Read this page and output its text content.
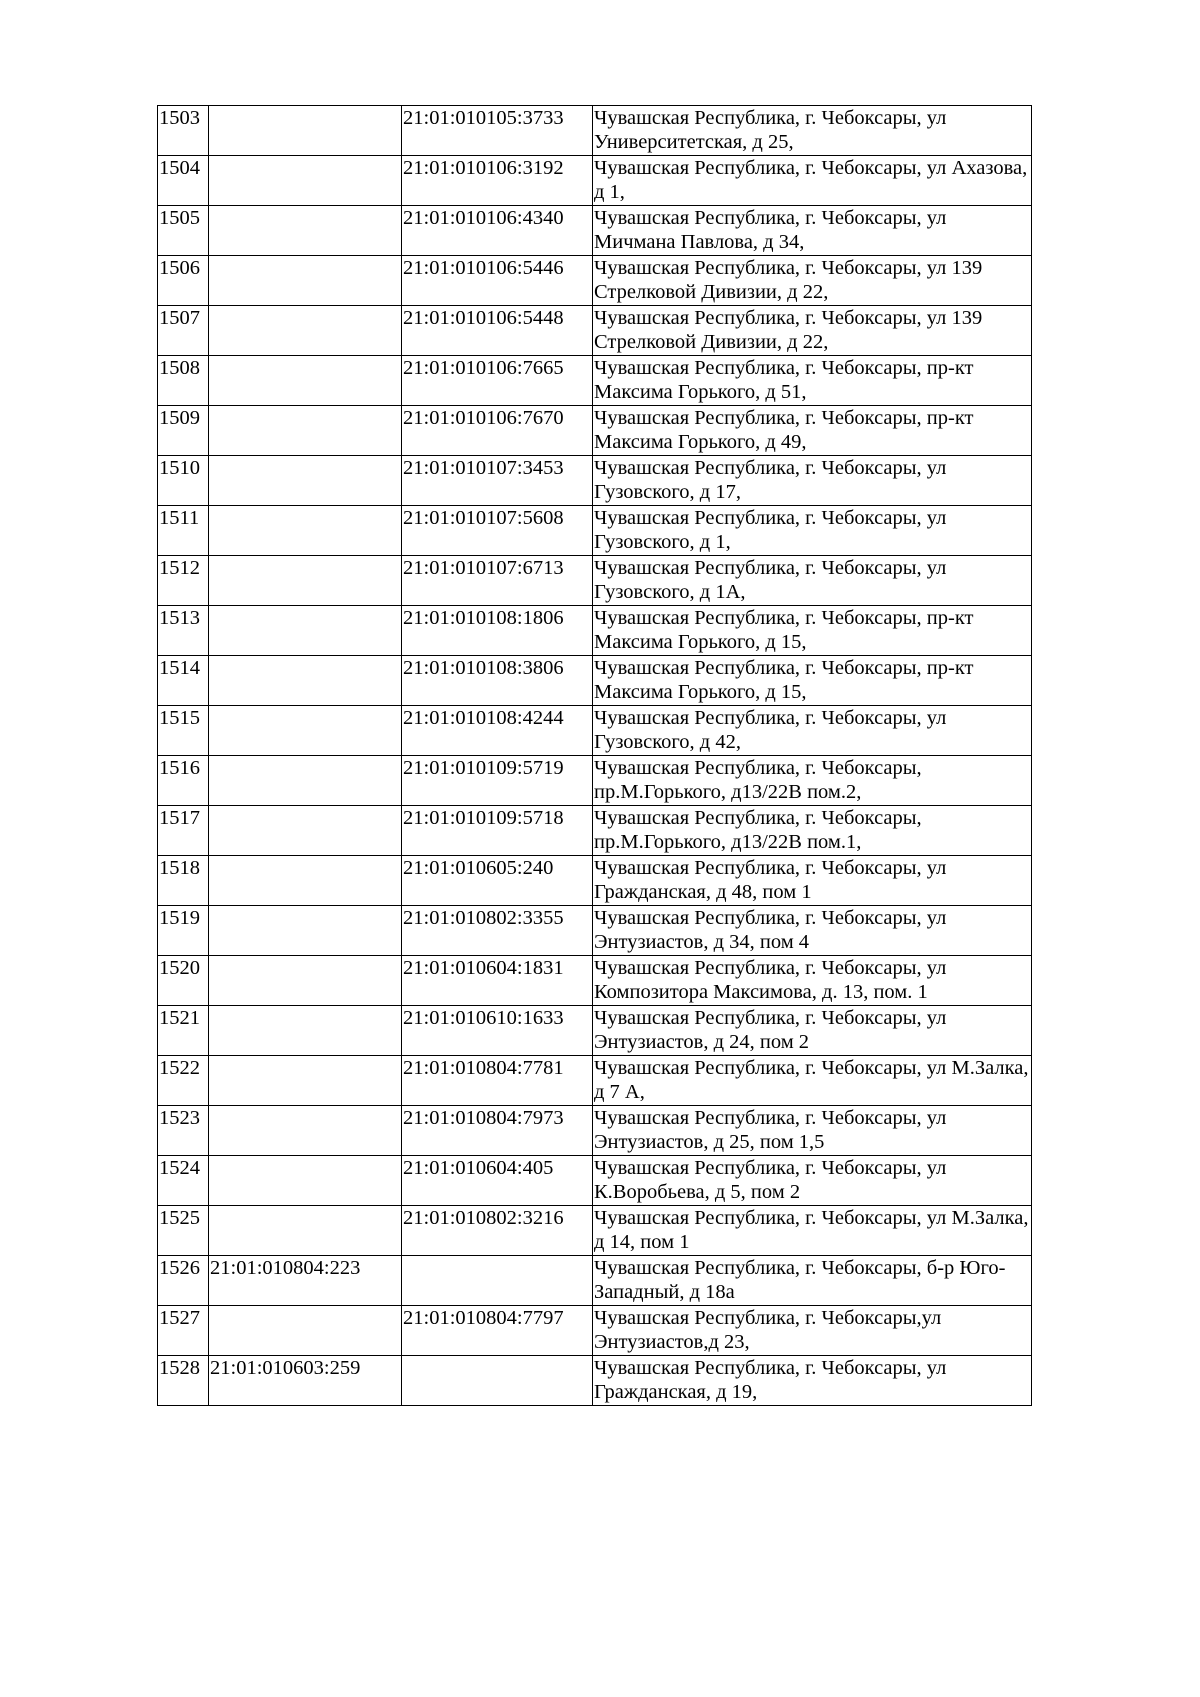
1503		21:01:010105:3733	Чувашская Республика, г. Чебоксары, ул Университетская, д 25,
1504		21:01:010106:3192	Чувашская Республика, г. Чебоксары, ул Ахазова, д 1,
1505		21:01:010106:4340	Чувашская Республика, г. Чебоксары, ул Мичмана Павлова, д 34,
1506		21:01:010106:5446	Чувашская Республика, г. Чебоксары, ул 139 Стрелковой Дивизии, д 22,
1507		21:01:010106:5448	Чувашская Республика, г. Чебоксары, ул 139 Стрелковой Дивизии, д 22,
1508		21:01:010106:7665	Чувашская Республика, г. Чебоксары, пр-кт Максима Горького, д 51,
1509		21:01:010106:7670	Чувашская Республика, г. Чебоксары, пр-кт Максима Горького, д 49,
1510		21:01:010107:3453	Чувашская Республика, г. Чебоксары, ул Гузовского, д 17,
1511		21:01:010107:5608	Чувашская Республика, г. Чебоксары, ул Гузовского, д 1,
1512		21:01:010107:6713	Чувашская Республика, г. Чебоксары, ул Гузовского, д 1А,
1513		21:01:010108:1806	Чувашская Республика, г. Чебоксары, пр-кт Максима Горького, д 15,
1514		21:01:010108:3806	Чувашская Республика, г. Чебоксары, пр-кт Максима Горького, д 15,
1515		21:01:010108:4244	Чувашская Республика, г. Чебоксары, ул Гузовского, д 42,
1516		21:01:010109:5719	Чувашская Республика, г. Чебоксары, пр.М.Горького, д13/22В пом.2,
1517		21:01:010109:5718	Чувашская Республика, г. Чебоксары, пр.М.Горького, д13/22В пом.1,
1518		21:01:010605:240	Чувашская Республика, г. Чебоксары, ул Гражданская, д 48, пом 1
1519		21:01:010802:3355	Чувашская Республика, г. Чебоксары, ул Энтузиастов, д 34, пом 4
1520		21:01:010604:1831	Чувашская Республика, г. Чебоксары, ул Композитора Максимова, д. 13, пом. 1
1521		21:01:010610:1633	Чувашская Республика, г. Чебоксары, ул Энтузиастов, д 24, пом 2
1522		21:01:010804:7781	Чувашская Республика, г. Чебоксары, ул М.Залка, д 7 А,
1523		21:01:010804:7973	Чувашская Республика, г. Чебоксары, ул Энтузиастов, д 25, пом 1,5
1524		21:01:010604:405	Чувашская Республика, г. Чебоксары, ул К.Воробьева, д 5, пом 2
1525		21:01:010802:3216	Чувашская Республика, г. Чебоксары, ул М.Залка, д 14, пом 1
1526	21:01:010804:223		Чувашская Республика, г. Чебоксары, б-р Юго-Западный, д 18а
1527		21:01:010804:7797	Чувашская Республика, г. Чебоксары,ул Энтузиастов,д 23,
1528	21:01:010603:259		Чувашская Республика, г. Чебоксары, ул Гражданская, д 19,
